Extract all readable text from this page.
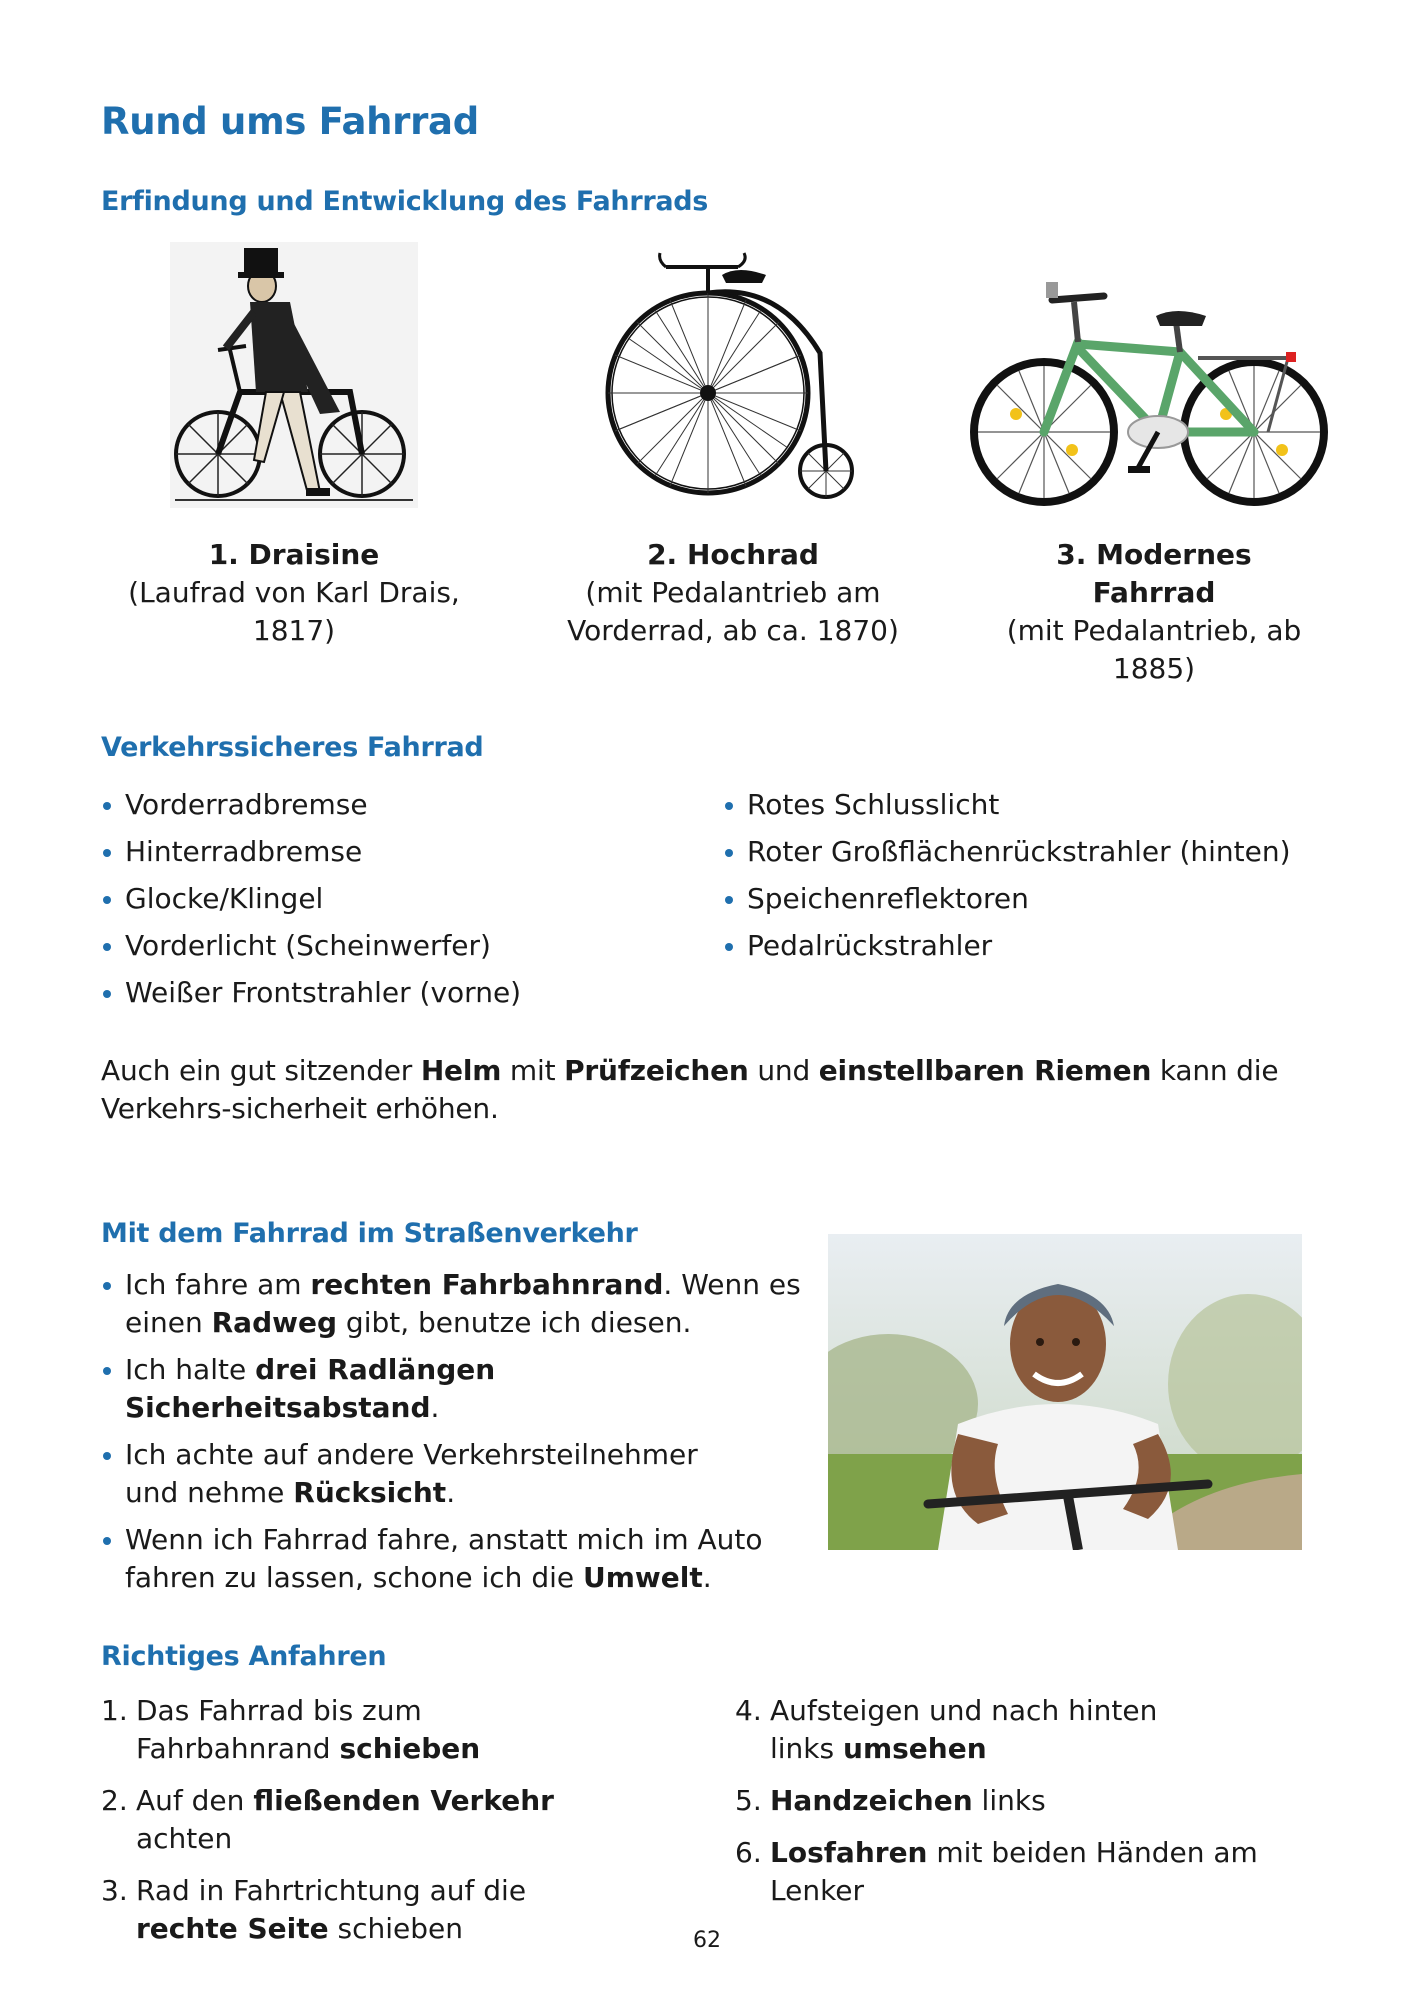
Rund ums Fahrrad
Erfindung und Entwicklung des Fahrrads
1. Draisine
(Laufrad von Karl Drais, 1817)
2. Hochrad
(mit Pedalantrieb am Vorderrad, ab ca. 1870)
3. Modernes Fahrrad
(mit Pedalantrieb, ab 1885)
Verkehrssicheres Fahrrad
Vorderradbremse
Hinterradbremse
Glocke/Klingel
Vorderlicht (Scheinwerfer)
Weißer Frontstrahler (vorne)
Rotes Schlusslicht
Roter Großflächenrückstrahler (hinten)
Speichenreflektoren
Pedalrückstrahler
Auch ein gut sitzender Helm mit Prüfzeichen und einstellbaren Riemen kann die Verkehrs-sicherheit erhöhen.
Mit dem Fahrrad im Straßenverkehr
Ich fahre am rechten Fahrbahnrand. Wenn es einen Radweg gibt, benutze ich diesen.
Ich halte drei Radlängen Sicherheitsabstand.
Ich achte auf andere Verkehrsteilnehmer und nehme Rücksicht.
Wenn ich Fahrrad fahre, anstatt mich im Auto fahren zu lassen, schone ich die Umwelt.
Richtiges Anfahren
1. Das Fahrrad bis zum Fahrbahnrand schieben
2. Auf den fließenden Verkehr achten
3. Rad in Fahrtrichtung auf die rechte Seite schieben
4. Aufsteigen und nach hinten links umsehen
5. Handzeichen links
6. Losfahren mit beiden Händen am Lenker
62
